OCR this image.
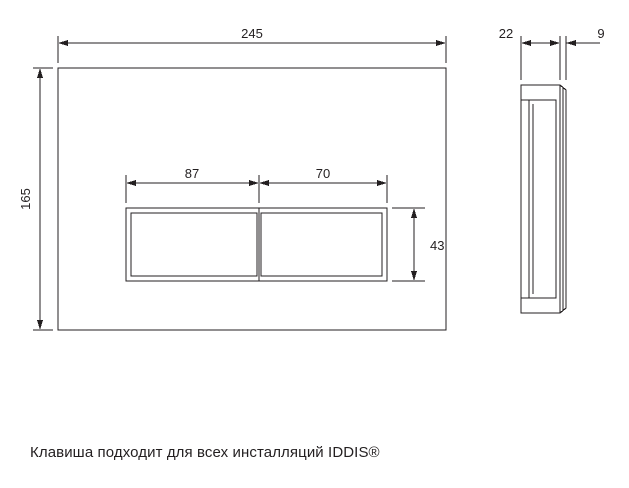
245
165
87	70
43
22	9
Клавиша подходит для всех инсталляций IDDIS®
